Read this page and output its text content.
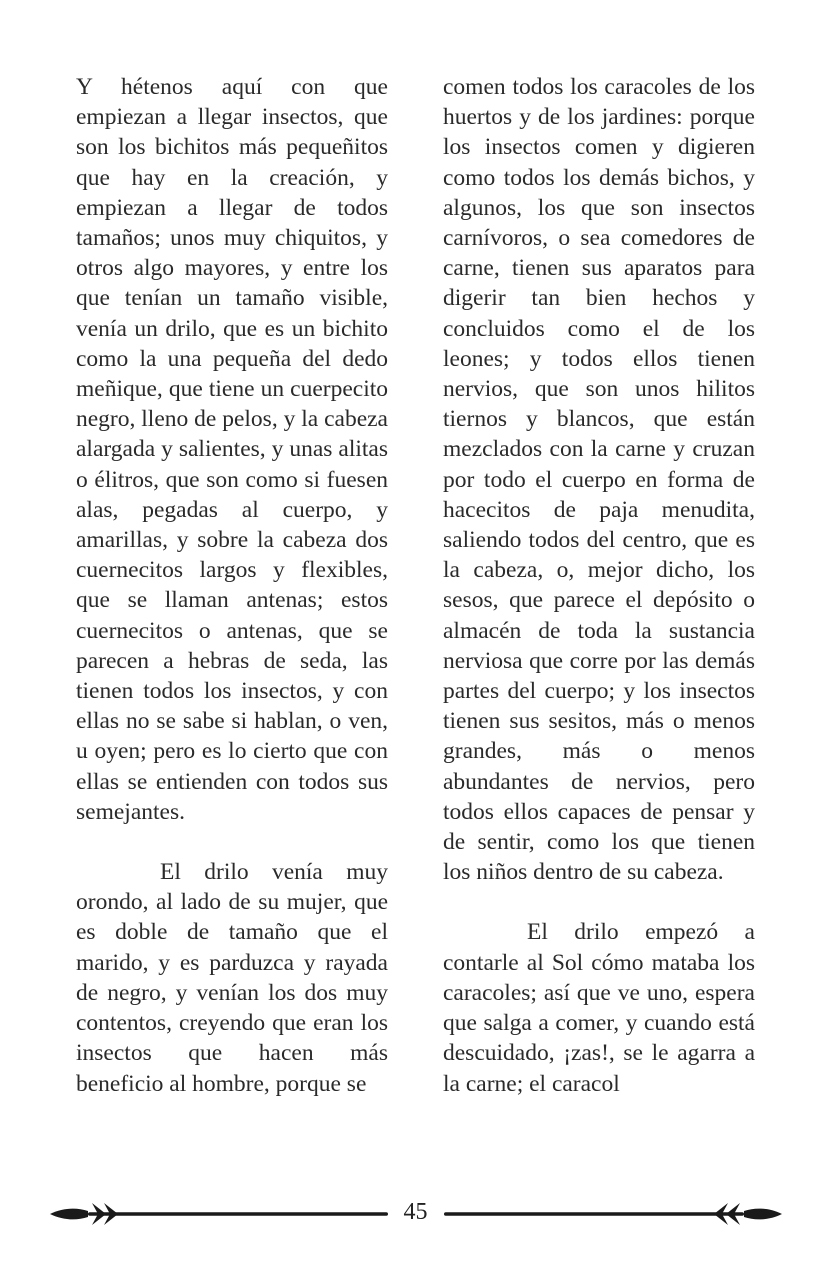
Y hétenos aquí con que empiezan a llegar insectos, que son los bichitos más pequeñitos que hay en la creación, y empiezan a llegar de todos tamaños; unos muy chiquitos, y otros algo mayores, y entre los que tenían un tamaño visible, venía un drilo, que es un bichito como la una pequeña del dedo meñique, que tiene un cuerpecito negro, lleno de pelos, y la cabeza alargada y salientes, y unas alitas o élitros, que son como si fuesen alas, pegadas al cuerpo, y amarillas, y sobre la cabeza dos cuernecitos largos y flexibles, que se llaman antenas; estos cuernecitos o antenas, que se parecen a hebras de seda, las tienen todos los insectos, y con ellas no se sabe si hablan, o ven, u oyen; pero es lo cierto que con ellas se entienden con todos sus semejantes.

El drilo venía muy orondo, al lado de su mujer, que es doble de tamaño que el marido, y es parduzca y rayada de negro, y venían los dos muy contentos, creyendo que eran los insectos que hacen más beneficio al hombre, porque se

comen todos los caracoles de los huertos y de los jardines: porque los insectos comen y digieren como todos los demás bichos, y algunos, los que son insectos carnívoros, o sea comedores de carne, tienen sus aparatos para digerir tan bien hechos y concluidos como el de los leones; y todos ellos tienen nervios, que son unos hilitos tiernos y blancos, que están mezclados con la carne y cruzan por todo el cuerpo en forma de hacecitos de paja menudita, saliendo todos del centro, que es la cabeza, o, mejor dicho, los sesos, que parece el depósito o almacén de toda la sustancia nerviosa que corre por las demás partes del cuerpo; y los insectos tienen sus sesitos, más o menos grandes, más o menos abundantes de nervios, pero todos ellos capaces de pensar y de sentir, como los que tienen los niños dentro de su cabeza.

El drilo empezó a contarle al Sol cómo mataba los caracoles; así que ve uno, espera que salga a comer, y cuando está descuidado, ¡zas!, se le agarra a la carne; el caracol

45
